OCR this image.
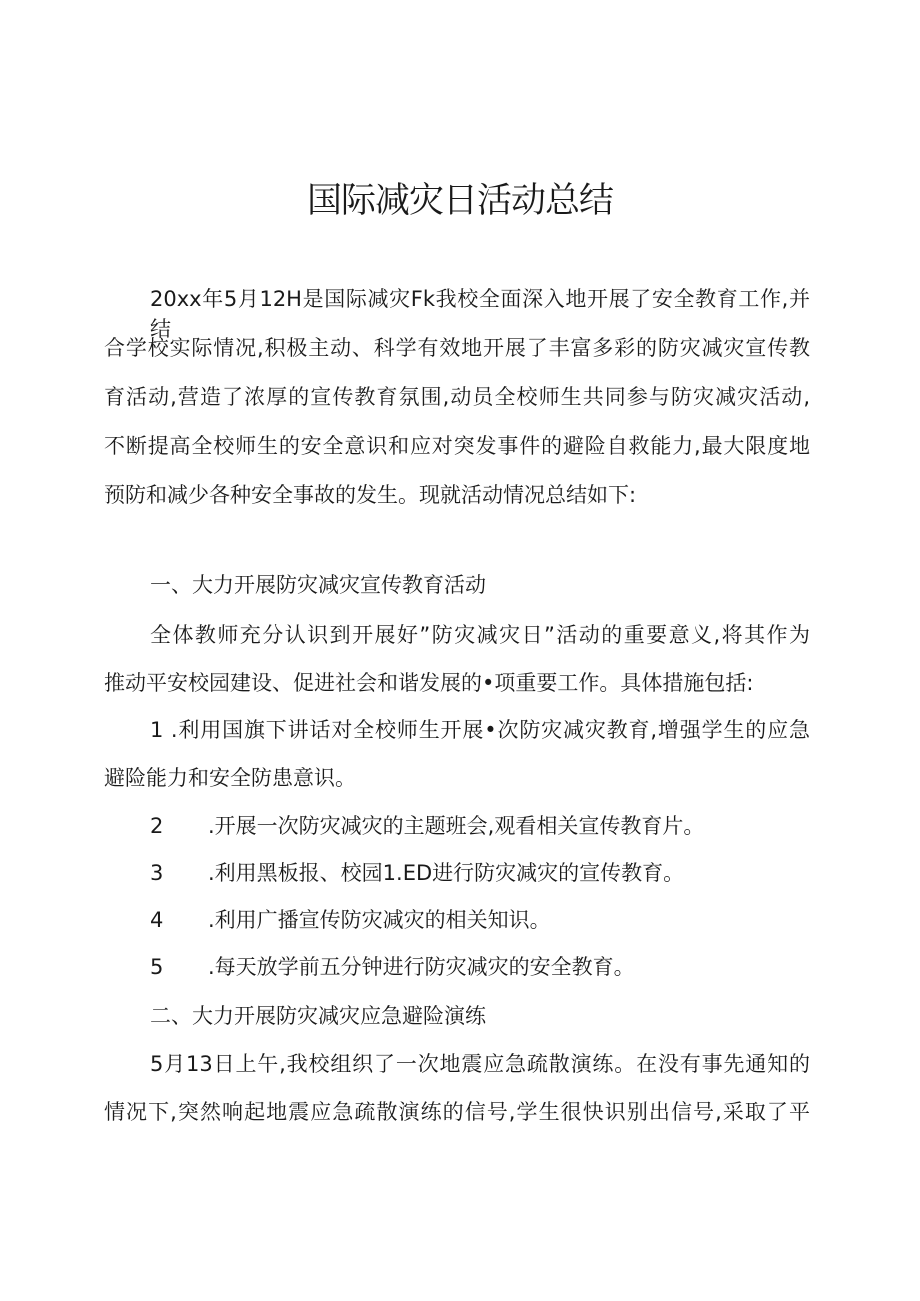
国际减灾日活动总结

20xx年5月12H是国际减灾Fk我校全面深入地开展了安全教育工作,并结

合学校实际情况,积极主动、科学有效地开展了丰富多彩的防灾减灾宣传教

育活动,营造了浓厚的宣传教育氛围,动员全校师生共同参与防灾减灾活动,

不断提高全校师生的安全意识和应对突发事件的避险自救能力,最大限度地

预防和减少各种安全事故的发生。现就活动情况总结如下:

一、大力开展防灾减灾宣传教育活动

全体教师充分认识到开展好”防灾减灾日”活动的重要意义,将其作为

推动平安校园建设、促进社会和谐发展的•项重要工作。具体措施包括:

1 .利用国旗下讲话对全校师生开展•次防灾减灾教育,增强学生的应急

避险能力和安全防患意识。

2 .开展一次防灾减灾的主题班会,观看相关宣传教育片。

3 .利用黑板报、校园1.ED进行防灾减灾的宣传教育。

4 .利用广播宣传防灾减灾的相关知识。

5 .每天放学前五分钟进行防灾减灾的安全教育。

二、大力开展防灾减灾应急避险演练

5月13日上午,我校组织了一次地震应急疏散演练。在没有事先通知的

情况下,突然响起地震应急疏散演练的信号,学生很快识别出信号,采取了平
